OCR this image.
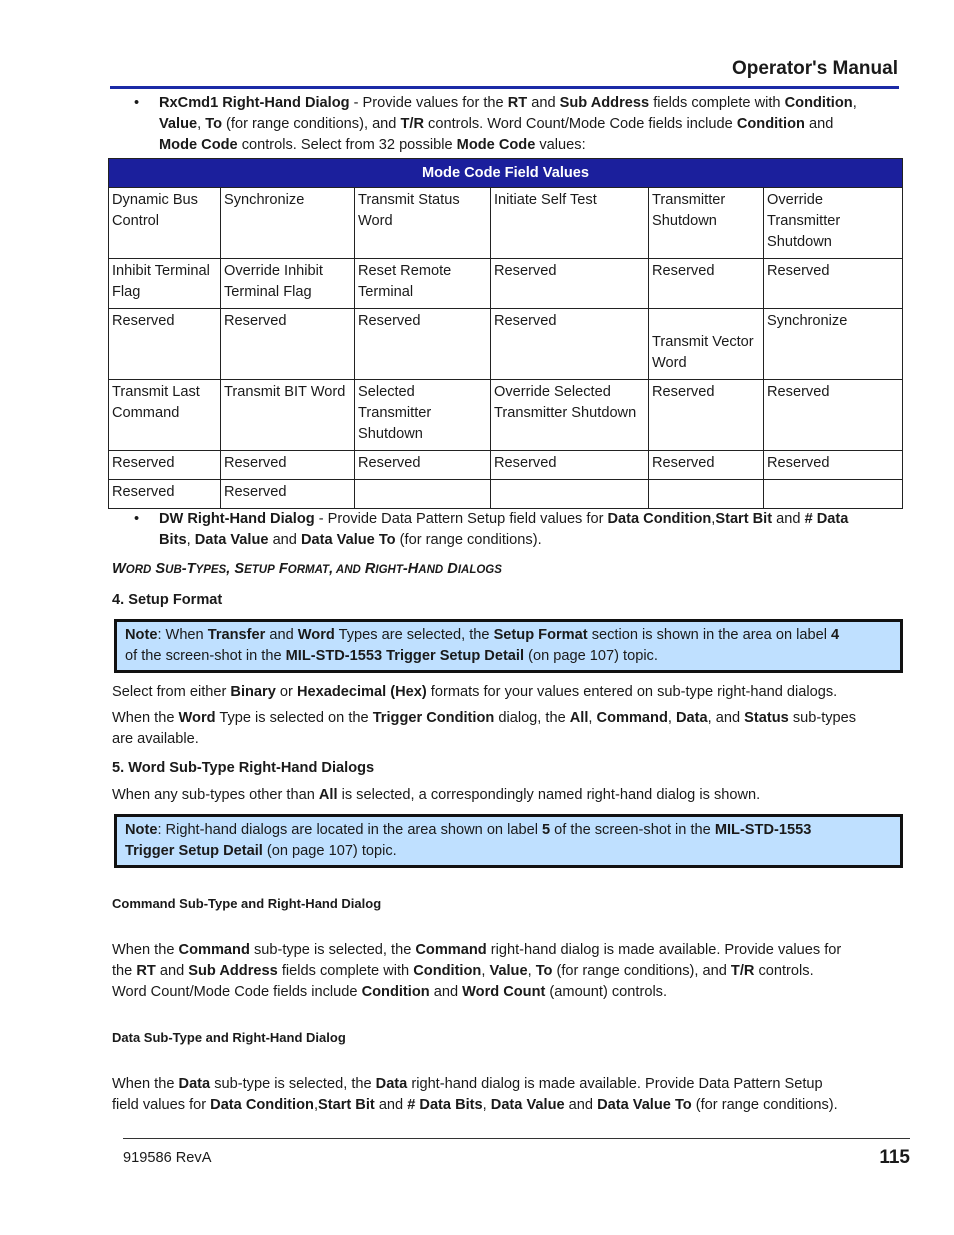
Operator's Manual
• RxCmd1 Right-Hand Dialog - Provide values for the RT and Sub Address fields complete with Condition,
Value, To (for range conditions), and T/R controls. Word Count/Mode Code fields include Condition and
Mode Code controls. Select from 32 possible Mode Code values:
Mode Code Field Values					
Dynamic Bus Control	Synchronize	Transmit Status Word	Initiate Self Test	Transmitter Shutdown	Override Transmitter Shutdown
Inhibit Terminal Flag	Override Inhibit Terminal Flag	Reset Remote Terminal	Reserved	Reserved	Reserved
Reserved	Reserved	Reserved	Reserved	Transmit Vector Word	Synchronize
Transmit Last Command	Transmit BIT Word	Selected Transmitter Shutdown	Override Selected Transmitter Shutdown	Reserved	Reserved
Reserved	Reserved	Reserved	Reserved	Reserved	Reserved
Reserved	Reserved				
• DW Right-Hand Dialog - Provide Data Pattern Setup field values for Data Condition,Start Bit and # Data
Bits, Data Value and Data Value To (for range conditions).
WORD SUB-TYPES, SETUP FORMAT, AND RIGHT-HAND DIALOGS
4. Setup Format
Note: When Transfer and Word Types are selected, the Setup Format section is shown in the area on label 4
of the screen-shot in the MIL-STD-1553 Trigger Setup Detail (on page 107) topic.
Select from either Binary or Hexadecimal (Hex) formats for your values entered on sub-type right-hand dialogs.
When the Word Type is selected on the Trigger Condition dialog, the All, Command, Data, and Status sub-types
are available.
5. Word Sub-Type Right-Hand Dialogs
When any sub-types other than All is selected, a correspondingly named right-hand dialog is shown.
Note: Right-hand dialogs are located in the area shown on label 5 of the screen-shot in the MIL-STD-1553
Trigger Setup Detail (on page 107) topic.
Command Sub-Type and Right-Hand Dialog
When the Command sub-type is selected, the Command right-hand dialog is made available. Provide values for
the RT and Sub Address fields complete with Condition, Value, To (for range conditions), and T/R controls.
Word Count/Mode Code fields include Condition and Word Count (amount) controls.
Data Sub-Type and Right-Hand Dialog
When the Data sub-type is selected, the Data right-hand dialog is made available. Provide Data Pattern Setup
field values for Data Condition,Start Bit and # Data Bits, Data Value and Data Value To (for range conditions).
919586 RevA	115
